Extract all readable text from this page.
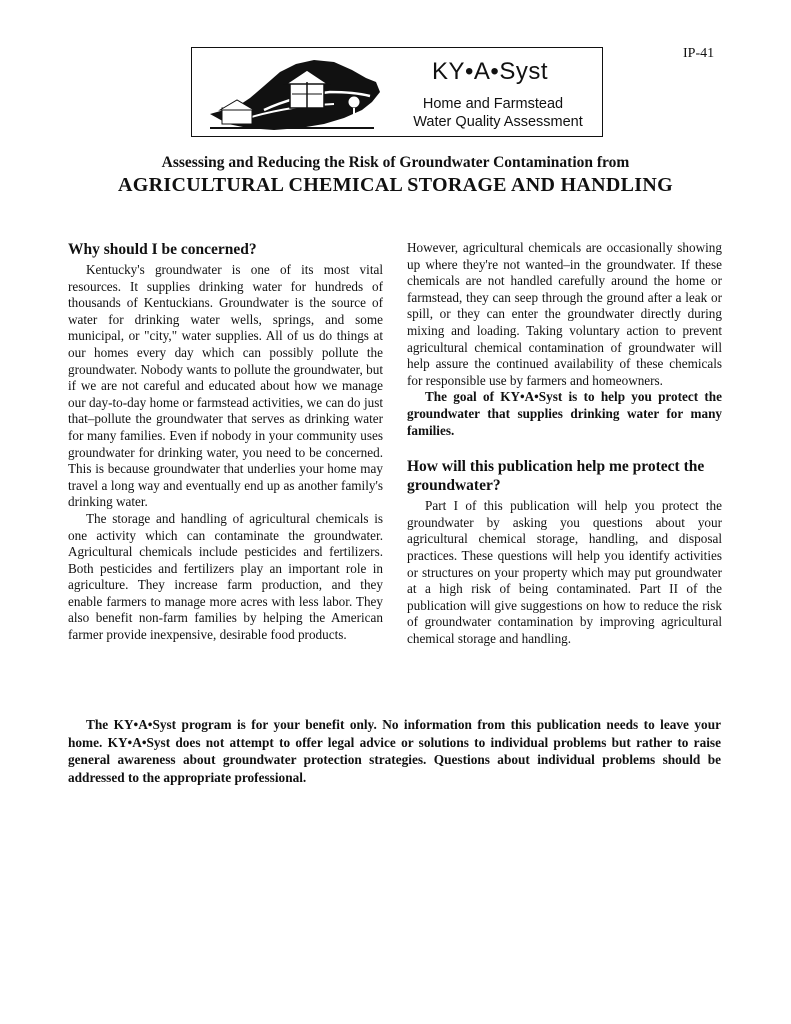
IP-41
KY•A•Syst
Home and Farmstead
Water Quality Assessment
Assessing and Reducing the Risk of Groundwater Contamination from
AGRICULTURAL CHEMICAL STORAGE AND HANDLING
Why should I be concerned?

Kentucky's groundwater is one of its most vital resources. It supplies drinking water for hundreds of thousands of Kentuckians. Groundwater is the source of water for drinking water wells, springs, and some municipal, or "city," water supplies. All of us do things at our homes every day which can possibly pollute the groundwater. Nobody wants to pollute the groundwater, but if we are not careful and educated about how we manage our day-to-day home or farmstead activities, we can do just that–pollute the groundwater that serves as drinking water for many families. Even if nobody in your community uses groundwater for drinking water, you need to be concerned. This is because groundwater that underlies your home may travel a long way and eventually end up as another family's drinking water.

The storage and handling of agricultural chemicals is one activity which can contaminate the groundwater. Agricultural chemicals include pesticides and fertilizers. Both pesticides and fertilizers play an important role in agriculture. They increase farm production, and they enable farmers to manage more acres with less labor. They also benefit non-farm families by helping the American farmer provide inexpensive, desirable food products.

However, agricultural chemicals are occasionally showing up where they're not wanted–in the groundwater. If these chemicals are not handled carefully around the home or farmstead, they can seep through the ground after a leak or spill, or they can enter the groundwater directly during mixing and loading. Taking voluntary action to prevent agricultural chemical contamination of groundwater will help assure the continued availability of these chemicals for responsible use by farmers and homeowners.

The goal of KY•A•Syst is to help you protect the groundwater that supplies drinking water for many families.

How will this publication help me protect the groundwater?

Part I of this publication will help you protect the groundwater by asking you questions about your agricultural chemical storage, handling, and disposal practices. These questions will help you identify activities or structures on your property which may put groundwater at a high risk of being contaminated. Part II of the publication will give suggestions on how to reduce the risk of groundwater contamination by improving agricultural chemical storage and handling.

The KY•A•Syst program is for your benefit only. No information from this publication needs to leave your home. KY•A•Syst does not attempt to offer legal advice or solutions to individual problems but rather to raise general awareness about groundwater protection strategies. Questions about individual problems should be addressed to the appropriate professional.
